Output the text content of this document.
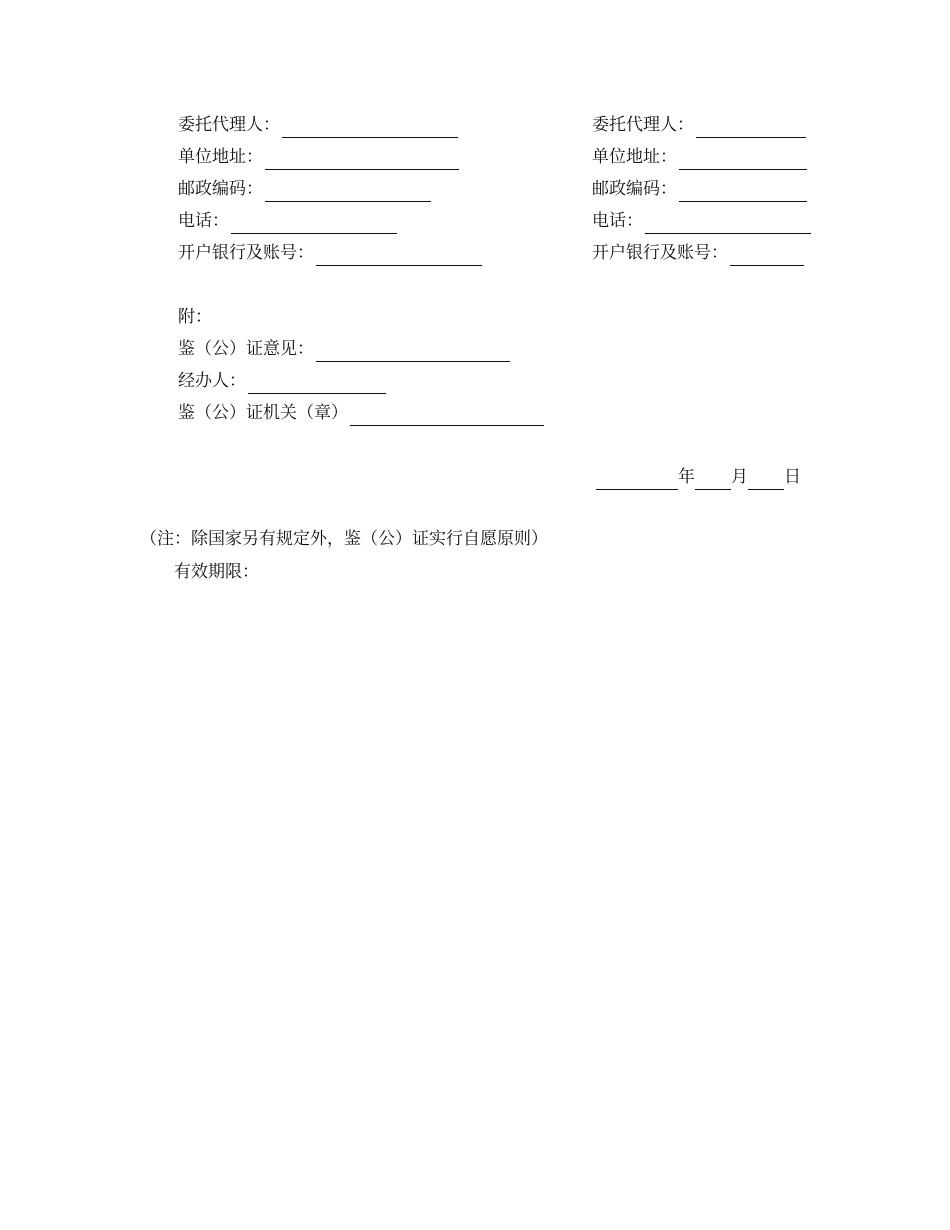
委托代理人：
单位地址：
邮政编码：
电话：
开户银行及账号：
委托代理人：
单位地址：
邮政编码：
电话：
开户银行及账号：
附：
鉴（公）证意见：
经办人：
鉴（公）证机关（章）
年 月 日
（注：除国家另有规定外，鉴（公）证实行自愿原则）
有效期限：
